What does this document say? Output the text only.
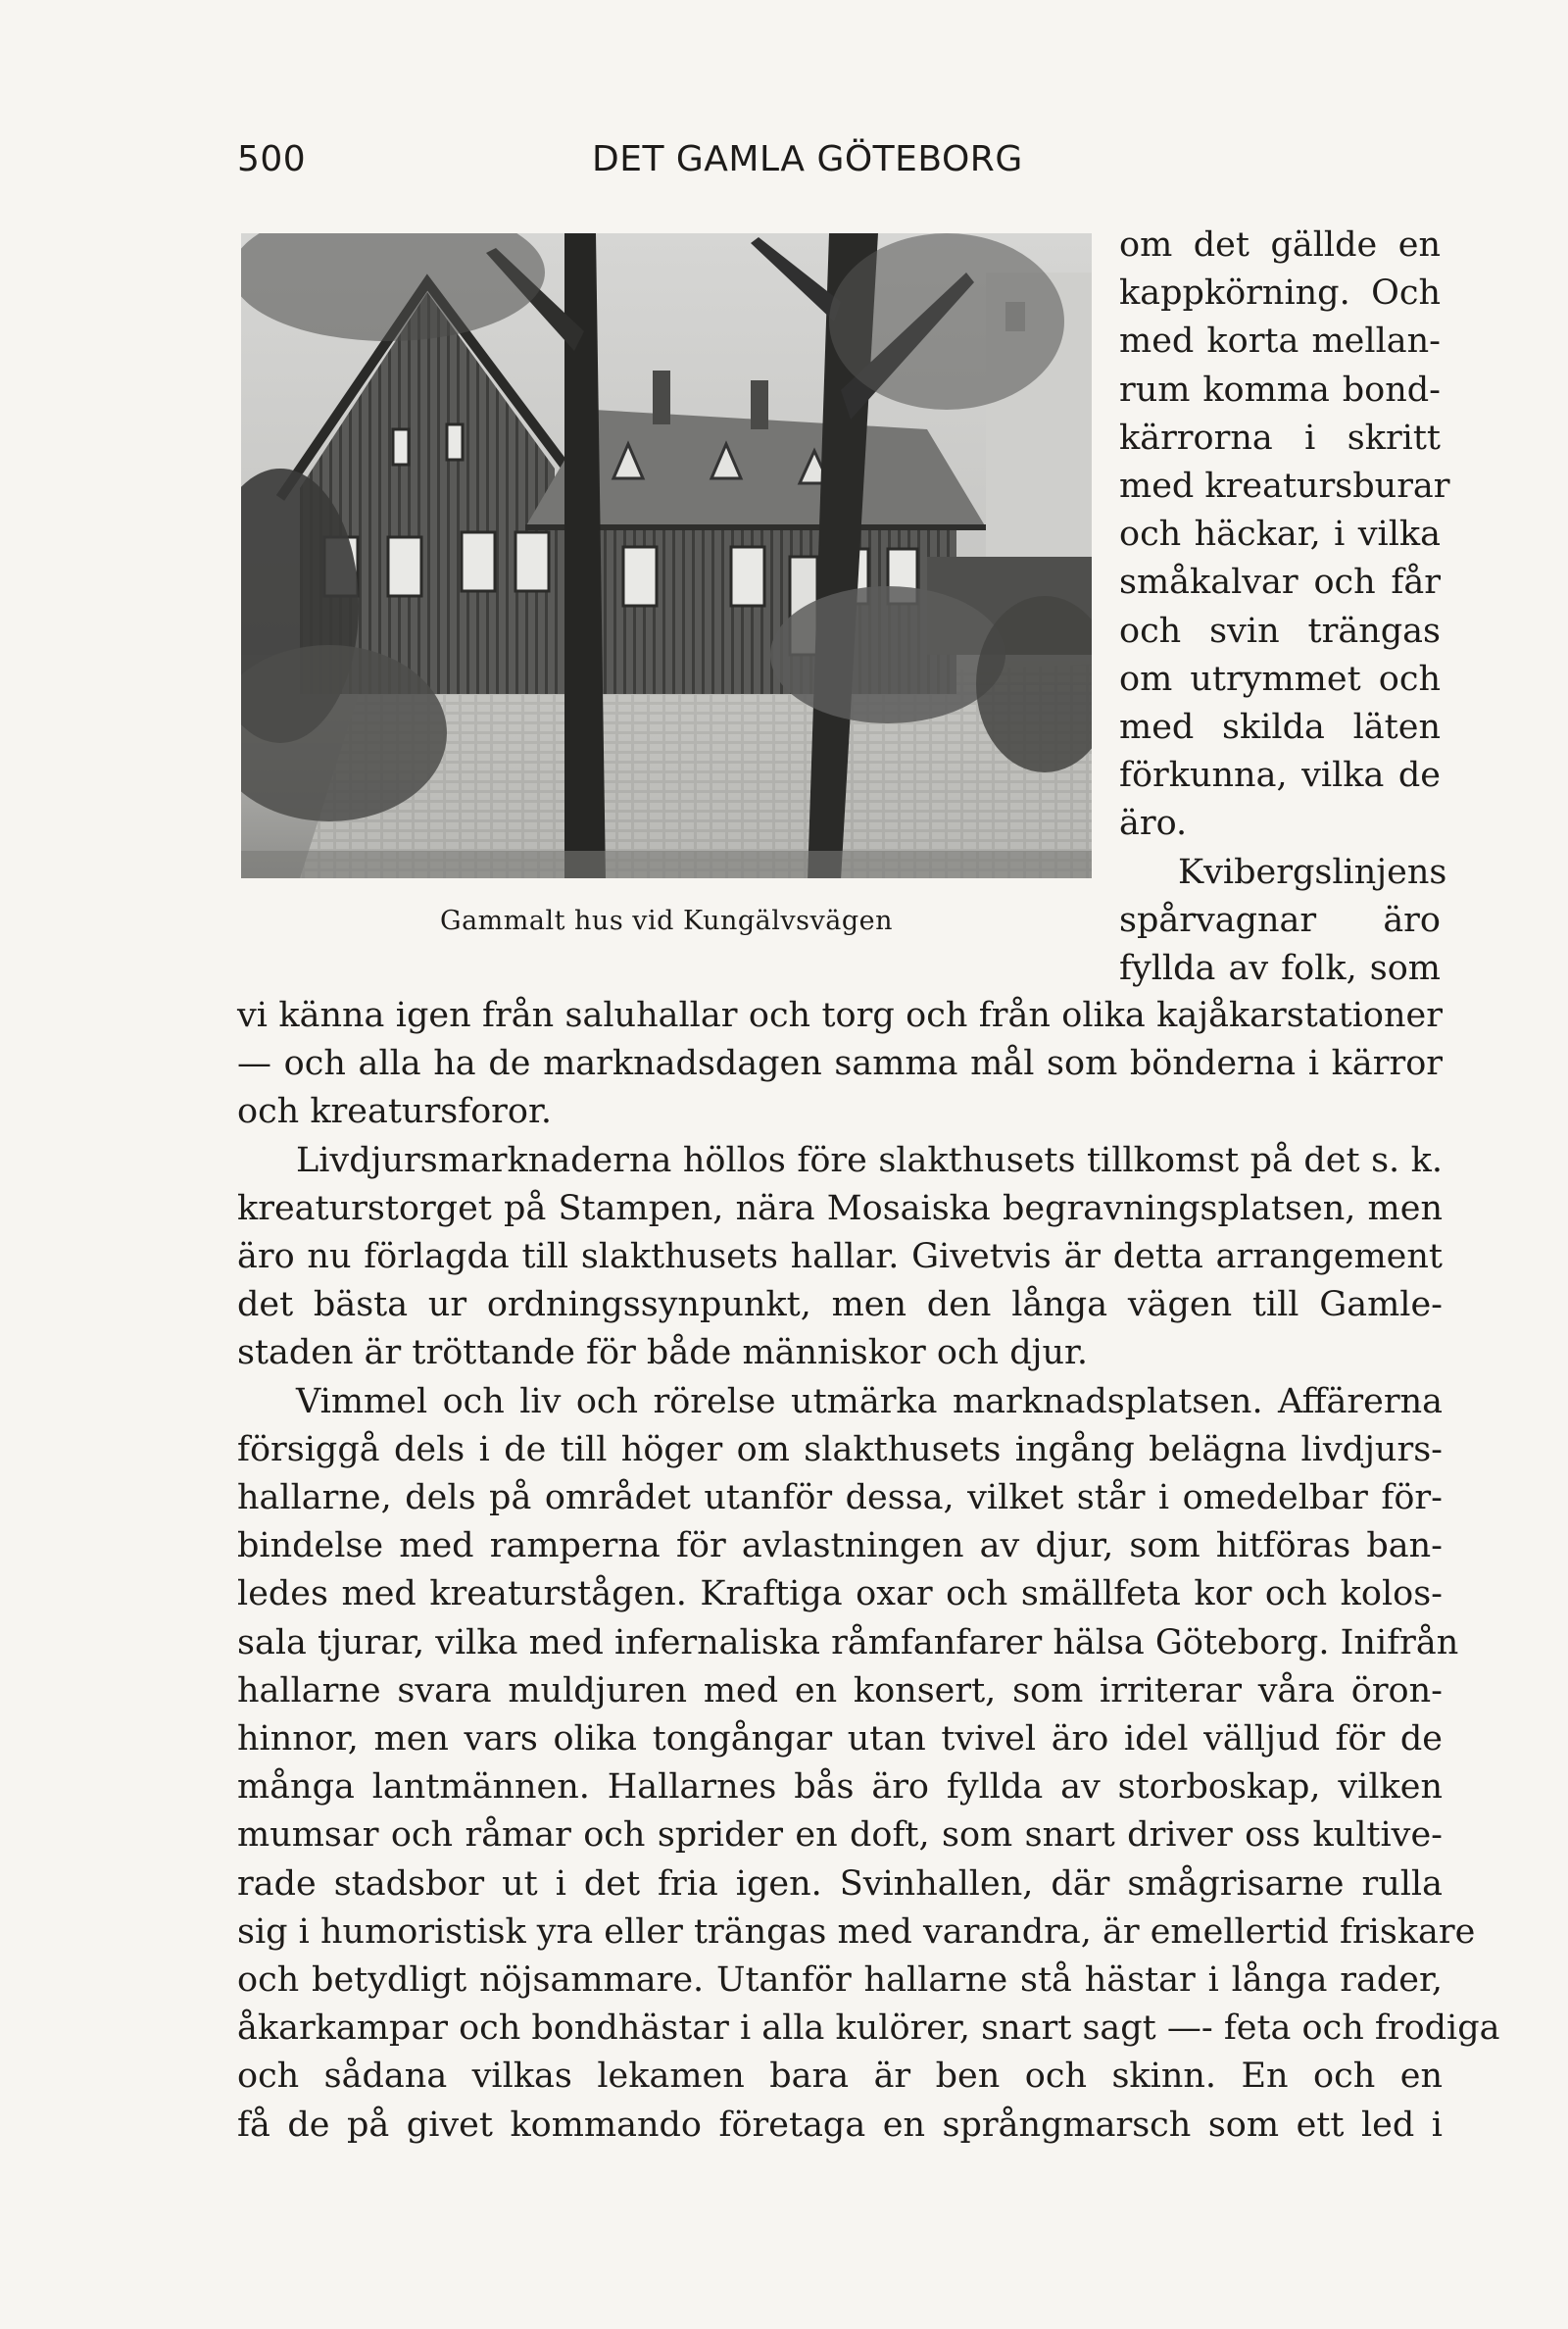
500	DET GAMLA GÖTEBORG
Gammalt hus vid Kungälvsvägen
om det gällde en
kappkörning. Och
med korta mellan-
rum komma bond-
kärrorna i skritt
med kreatursburar
och häckar, i vilka
småkalvar och får
och svin trängas
om utrymmet och
med skilda läten
förkunna, vilka de
äro.
Kvibergslinjens
spårvagnar äro
fyllda av folk, som
vi känna igen från saluhallar och torg och från olika kajåkarstationer
— och alla ha de marknadsdagen samma mål som bönderna i kärror
och kreatursforor.
Livdjursmarknaderna höllos före slakthusets tillkomst på det s. k.
kreaturstorget på Stampen, nära Mosaiska begravningsplatsen, men
äro nu förlagda till slakthusets hallar. Givetvis är detta arrangement
det bästa ur ordningssynpunkt, men den långa vägen till Gamle-
staden är tröttande för både människor och djur.
Vimmel och liv och rörelse utmärka marknadsplatsen. Affärerna
försiggå dels i de till höger om slakthusets ingång belägna livdjurs-
hallarne, dels på området utanför dessa, vilket står i omedelbar för-
bindelse med ramperna för avlastningen av djur, som hitföras ban-
ledes med kreaturstågen. Kraftiga oxar och smällfeta kor och kolos-
sala tjurar, vilka med infernaliska råmfanfarer hälsa Göteborg. Inifrån
hallarne svara muldjuren med en konsert, som irriterar våra öron-
hinnor, men vars olika tongångar utan tvivel äro idel välljud för de
många lantmännen. Hallarnes bås äro fyllda av storboskap, vilken
mumsar och råmar och sprider en doft, som snart driver oss kultive-
rade stadsbor ut i det fria igen. Svinhallen, där smågrisarne rulla
sig i humoristisk yra eller trängas med varandra, är emellertid friskare
och betydligt nöjsammare. Utanför hallarne stå hästar i långa rader,
åkarkampar och bondhästar i alla kulörer, snart sagt —- feta och frodiga
och sådana vilkas lekamen bara är ben och skinn. En och en
få de på givet kommando företaga en språngmarsch som ett led i
